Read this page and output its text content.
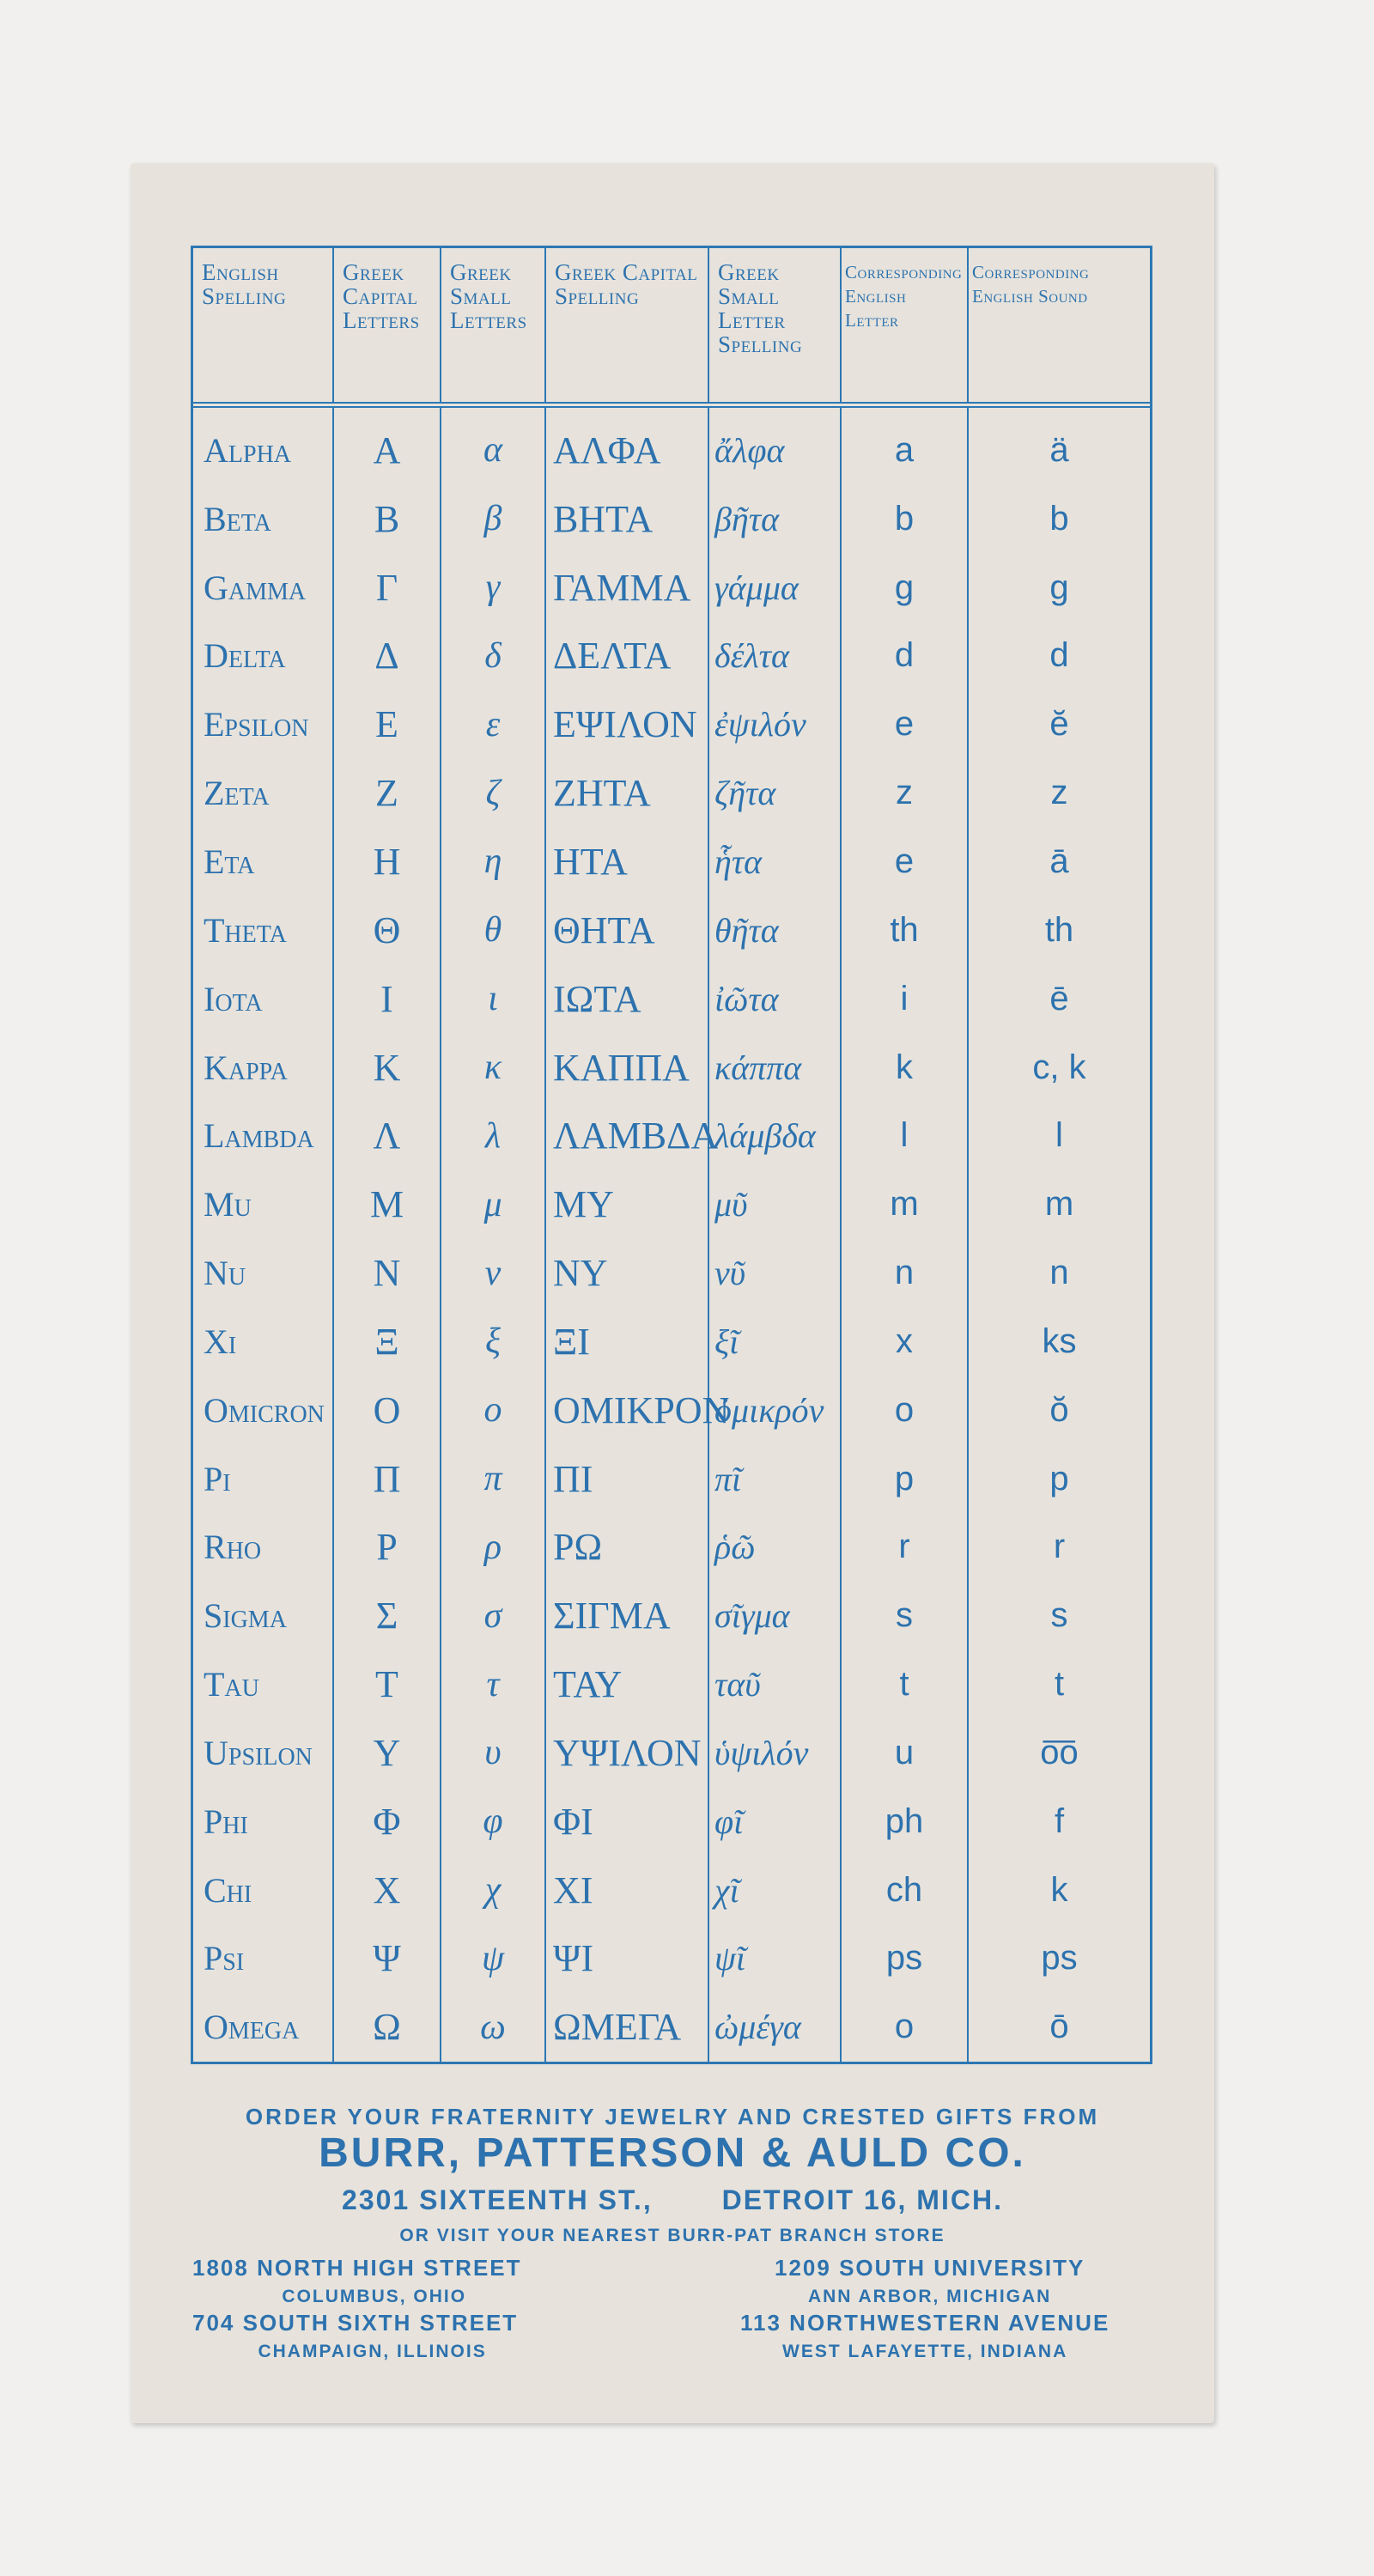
English Spelling	Greek Capital Letters	Greek Small Letters	Greek Capital Spelling	Greek Small Letter Spelling	Corresponding English Letter	Corresponding English Sound

Alpha	A	α	ΑΛΦΑ	ἄλφα	a	ä
Beta	B	β	BHTA	βῆτα	b	b
Gamma	Γ	γ	ΓΑΜΜΑ	γάμμα	g	g
Delta	Δ	δ	ΔΕΛΤΑ	δέλτα	d	d
Epsilon	E	ε	ΕΨΙΛΟΝ	ἐψιλόν	e	ĕ
Zeta	Z	ζ	ZHTA	ζῆτα	z	z
Eta	H	η	HTA	ἧτα	e	ā
Theta	Θ	θ	ΘΗΤΑ	θῆτα	th	th
Iota	I	ι	ΙΩΤΑ	ἰῶτα	i	ē
Kappa	K	κ	ΚΑΠΠΑ	κάππα	k	c, k
Lambda	Λ	λ	ΛΑΜΒΔΑ	λάμβδα	l	l
Mu	M	μ	ΜΥ	μῦ	m	m
Nu	N	ν	ΝΥ	νῦ	n	n
Xi	Ξ	ξ	ΞΙ	ξῖ	x	ks
Omicron	O	ο	ΟΜΙΚΡΟΝ	ὀμικρόν	o	ŏ
Pi	Π	π	ΠΙ	πῖ	p	p
Rho	P	ρ	ΡΩ	ῥῶ	r	r
Sigma	Σ	σ	ΣΙΓΜΑ	σῖγμα	s	s
Tau	T	τ	ΤΑΥ	ταῦ	t	t
Upsilon	Υ	υ	ΥΨΙΛΟΝ	ὑψιλόν	u	o͞o
Phi	Φ	φ	ΦΙ	φῖ	ph	f
Chi	X	χ	ΧΙ	χῖ	ch	k
Psi	Ψ	ψ	ΨΙ	ψῖ	ps	ps
Omega	Ω	ω	ΩΜΕΓΑ	ὠμέγα	o	ō
ORDER YOUR FRATERNITY JEWELRY AND CRESTED GIFTS FROM
BURR, PATTERSON & AULD CO.
2301 SIXTEENTH ST.,	DETROIT 16, MICH.
OR VISIT YOUR NEAREST BURR-PAT BRANCH STORE
1808 NORTH HIGH STREET
COLUMBUS, OHIO
1209 SOUTH UNIVERSITY
ANN ARBOR, MICHIGAN
704 SOUTH SIXTH STREET
CHAMPAIGN, ILLINOIS
113 NORTHWESTERN AVENUE
WEST LAFAYETTE, INDIANA
